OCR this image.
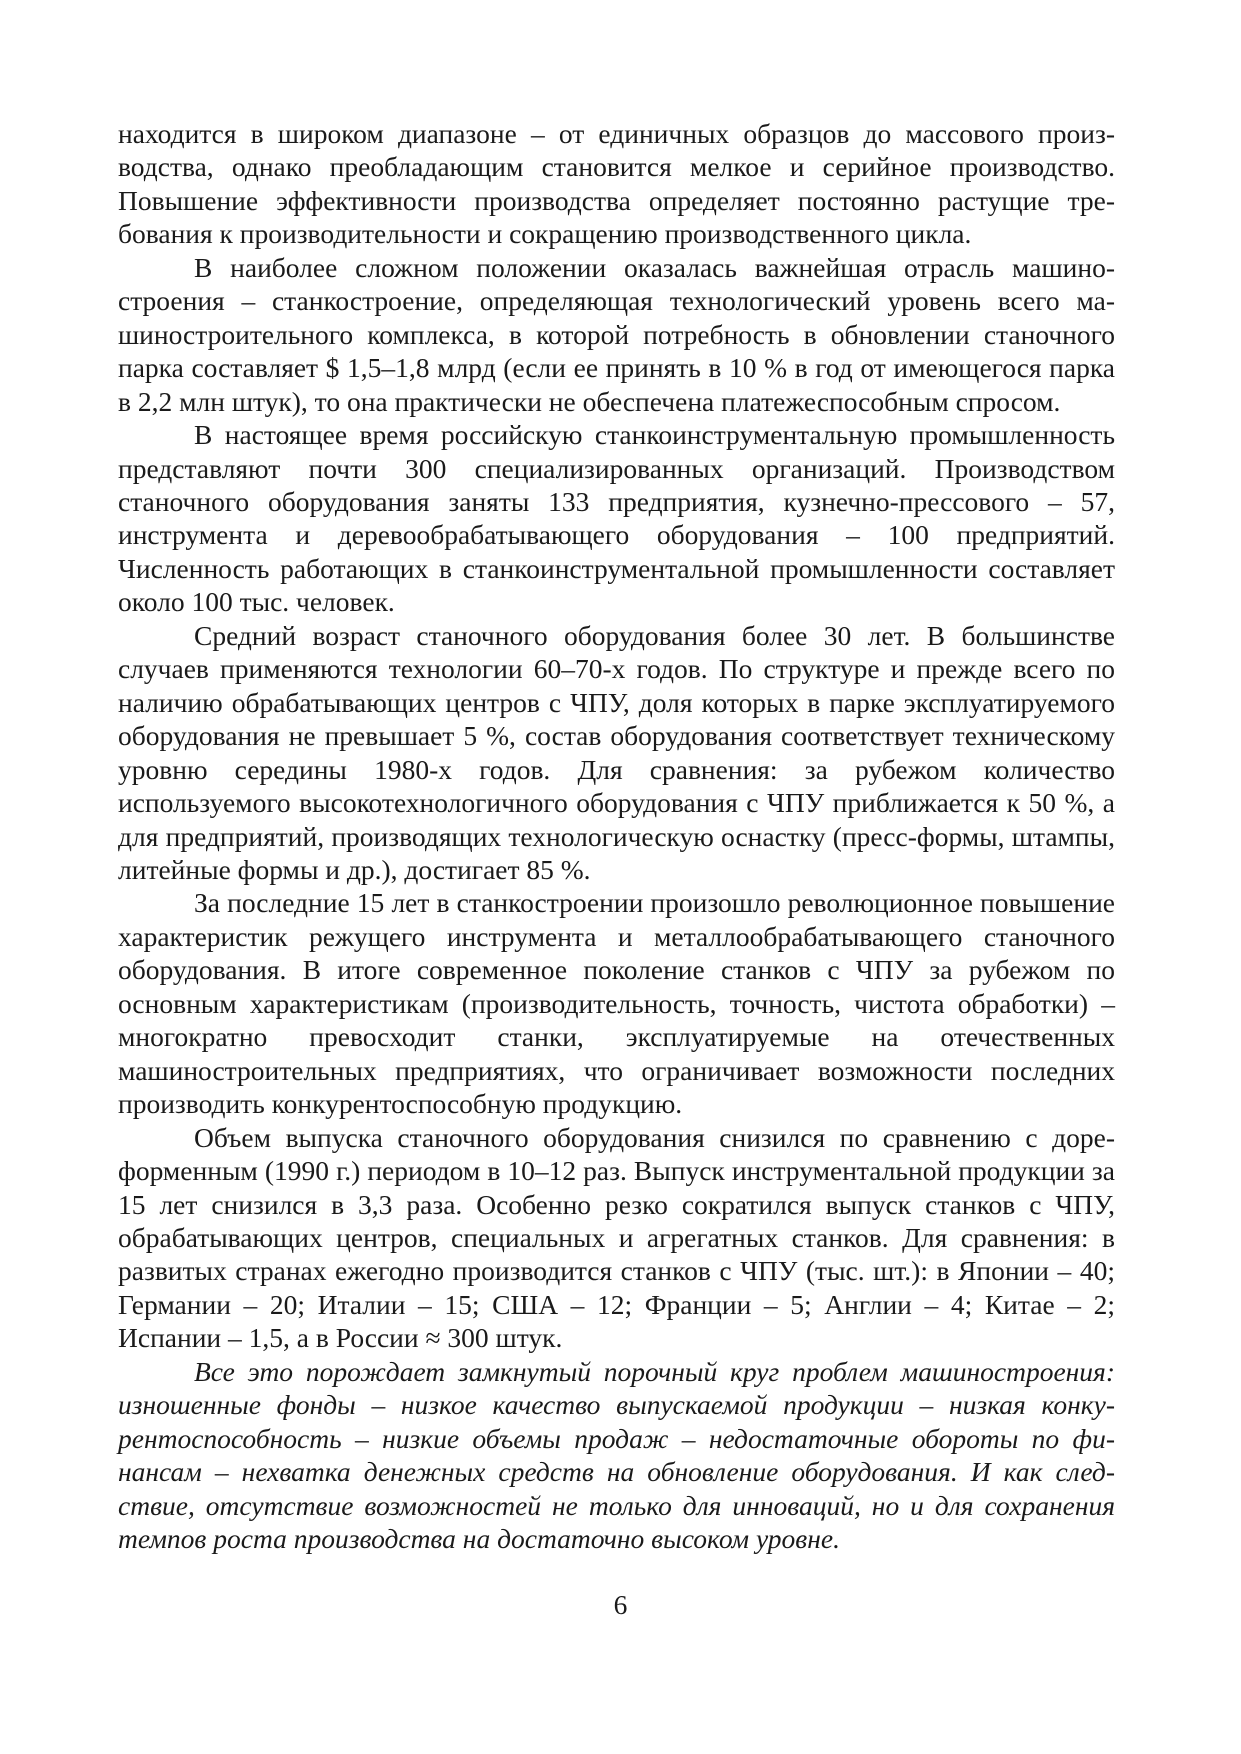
находится в широком диапазоне – от единичных образцов до массового производства, однако преобладающим становится мелкое и серийное производство. Повышение эффективности производства определяет постоянно растущие требования к производительности и сокращению производственного цикла.

В наиболее сложном положении оказалась важнейшая отрасль машиностроения – станкостроение, определяющая технологический уровень всего машиностроительного комплекса, в которой потребность в обновлении станочного парка составляет $ 1,5–1,8 млрд (если ее принять в 10 % в год от имеющегося парка в 2,2 млн штук), то она практически не обеспечена платежеспособным спросом.

В настоящее время российскую станкоинструментальную промышленность представляют почти 300 специализированных организаций. Производством станочного оборудования заняты 133 предприятия, кузнечно-прессового – 57, инструмента и деревообрабатывающего оборудования – 100 предприятий. Численность работающих в станкоинструментальной промышленности составляет около 100 тыс. человек.

Средний возраст станочного оборудования более 30 лет. В большинстве случаев применяются технологии 60–70-х годов. По структуре и прежде всего по наличию обрабатывающих центров с ЧПУ, доля которых в парке эксплуатируемого оборудования не превышает 5 %, состав оборудования соответствует техническому уровню середины 1980-х годов. Для сравнения: за рубежом количество используемого высокотехнологичного оборудования с ЧПУ приближается к 50 %, а для предприятий, производящих технологическую оснастку (пресс-формы, штампы, литейные формы и др.), достигает 85 %.

За последние 15 лет в станкостроении произошло революционное повышение характеристик режущего инструмента и металлообрабатывающего станочного оборудования. В итоге современное поколение станков с ЧПУ за рубежом по основным характеристикам (производительность, точность, чистота обработки) – многократно превосходит станки, эксплуатируемые на отечественных машиностроительных предприятиях, что ограничивает возможности последних производить конкурентоспособную продукцию.

Объем выпуска станочного оборудования снизился по сравнению с дореформенным (1990 г.) периодом в 10–12 раз. Выпуск инструментальной продукции за 15 лет снизился в 3,3 раза. Особенно резко сократился выпуск станков с ЧПУ, обрабатывающих центров, специальных и агрегатных станков. Для сравнения: в развитых странах ежегодно производится станков с ЧПУ (тыс. шт.): в Японии – 40; Германии – 20; Италии – 15; США – 12; Франции – 5; Англии – 4; Китае – 2; Испании – 1,5, а в России ≈ 300 штук.

Все это порождает замкнутый порочный круг проблем машиностроения: изношенные фонды – низкое качество выпускаемой продукции – низкая конкурентоспособность – низкие объемы продаж – недостаточные обороты по финансам – нехватка денежных средств на обновление оборудования. И как следствие, отсутствие возможностей не только для инноваций, но и для сохранения темпов роста производства на достаточно высоком уровне.

6
